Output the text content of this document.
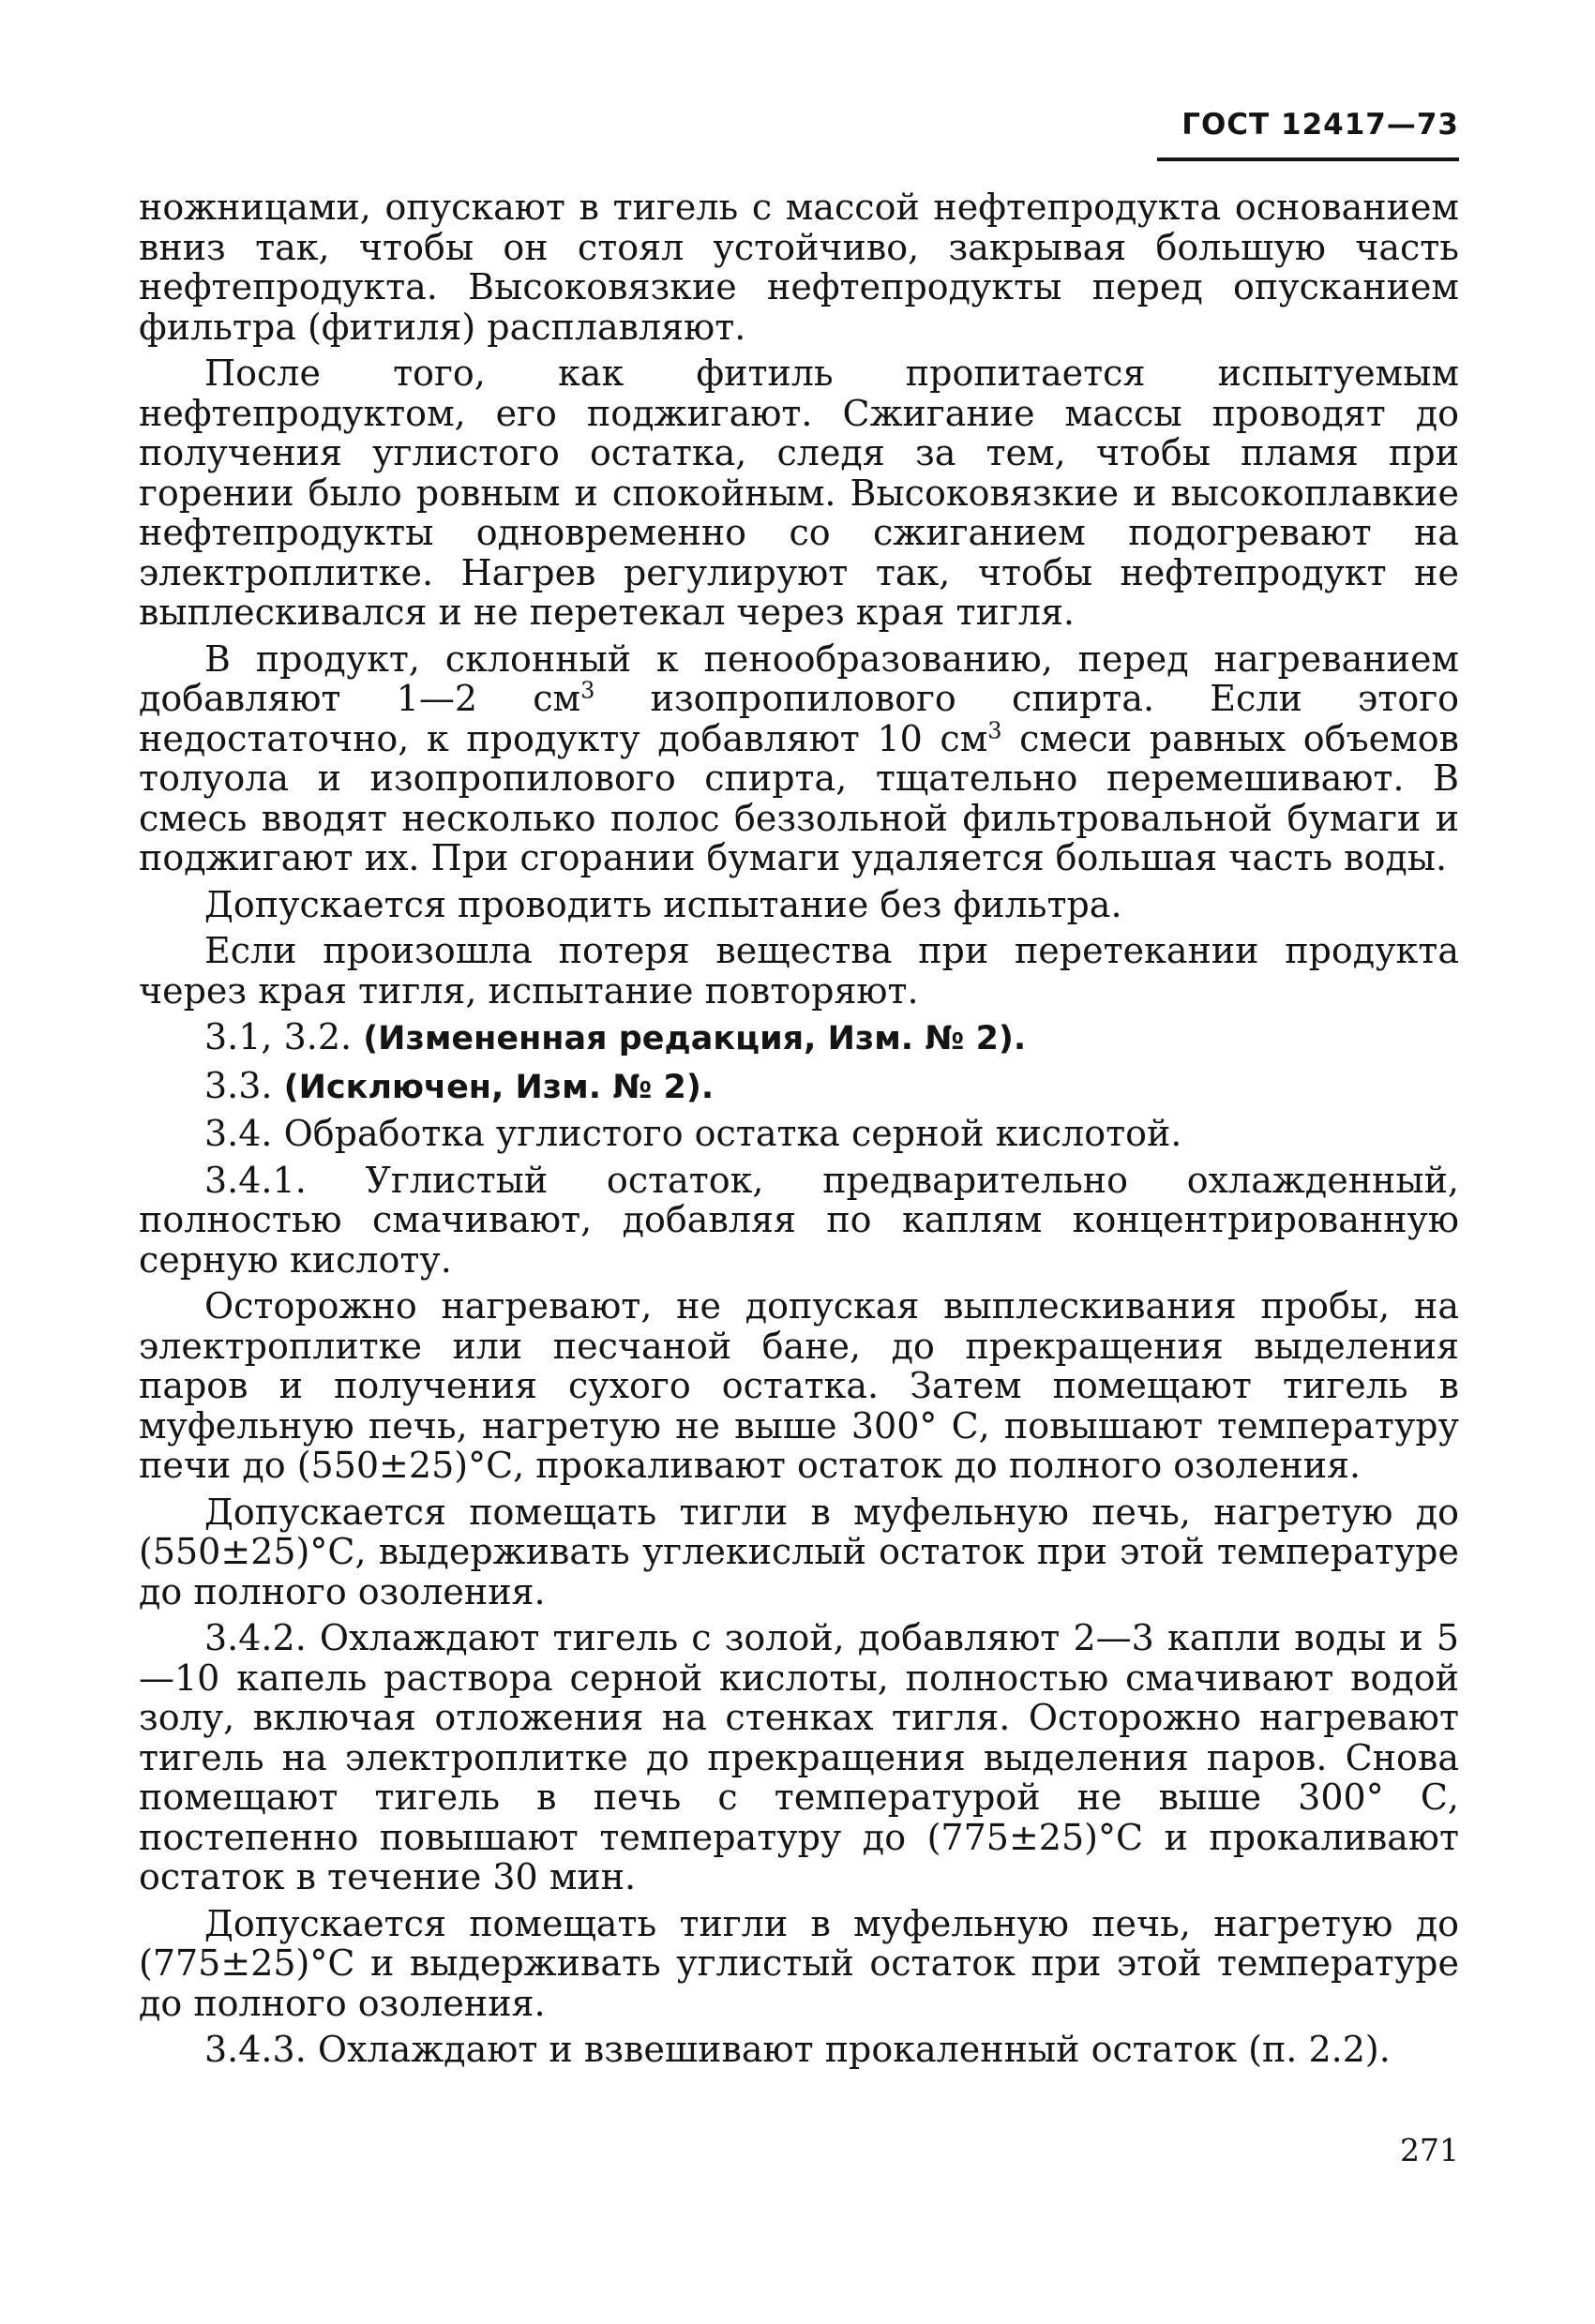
ГОСТ 12417—73

ножницами, опускают в тигель с массой нефтепродукта основанием вниз так, чтобы он стоял устойчиво, закрывая большую часть нефтепродукта. Высоковязкие нефтепродукты перед опусканием фильтра (фитиля) расплавляют.

После того, как фитиль пропитается испытуемым нефтепродуктом, его поджигают. Сжигание массы проводят до получения углистого остатка, следя за тем, чтобы пламя при горении было ровным и спокойным. Высоковязкие и высокоплавкие нефтепродукты одновременно со сжиганием подогревают на электроплитке. Нагрев регулируют так, чтобы нефтепродукт не выплескивался и не перетекал через края тигля.

В продукт, склонный к пенообразованию, перед нагреванием добавляют 1—2 $см^3$ изопропилового спирта. Если этого недостаточно, к продукту добавляют 10 $см^3$ смеси равных объемов толуола и изопропилового спирта, тщательно перемешивают. В смесь вводят несколько полос беззольной фильтровальной бумаги и поджигают их. При сгорании бумаги удаляется большая часть воды.

Допускается проводить испытание без фильтра.

Если произошла потеря вещества при перетекании продукта через края тигля, испытание повторяют.

3.1, 3.2. (Измененная редакция, Изм. № 2).

3.3. (Исключен, Изм. № 2).

3.4. Обработка углистого остатка серной кислотой.

3.4.1. Углистый остаток, предварительно охлажденный, полностью смачивают, добавляя по каплям концентрированную серную кислоту.

Осторожно нагревают, не допуская выплескивания пробы, на электроплитке или песчаной бане, до прекращения выделения паров и получения сухого остатка. Затем помещают тигель в муфельную печь, нагретую не выше 300° С, повышают температуру печи до (550±25)°С, прокаливают остаток до полного озоления.

Допускается помещать тигли в муфельную печь, нагретую до (550±25)°С, выдерживать углекислый остаток при этой температуре до полного озоления.

3.4.2. Охлаждают тигель с золой, добавляют 2—3 капли воды и 5—10 капель раствора серной кислоты, полностью смачивают водой золу, включая отложения на стенках тигля. Осторожно нагревают тигель на электроплитке до прекращения выделения паров. Снова помещают тигель в печь с температурой не выше 300° С, постепенно повышают температуру до (775±25)°С и прокаливают остаток в течение 30 мин.

Допускается помещать тигли в муфельную печь, нагретую до (775±25)°С и выдерживать углистый остаток при этой температуре до полного озоления.

3.4.3. Охлаждают и взвешивают прокаленный остаток (п. 2.2).

271
